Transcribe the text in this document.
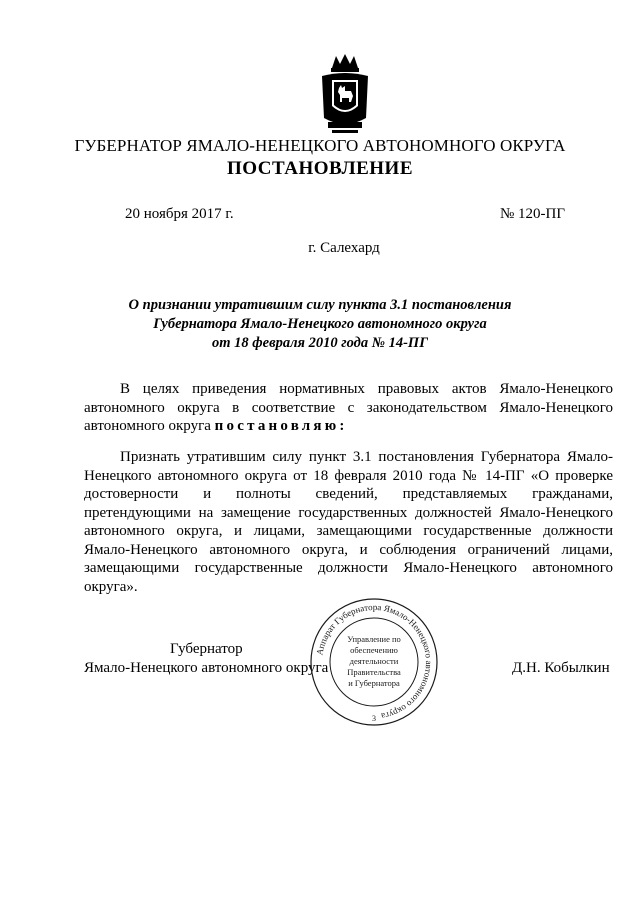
ГУБЕРНАТОР ЯМАЛО-НЕНЕЦКОГО АВТОНОМНОГО ОКРУГА
ПОСТАНОВЛЕНИЕ
20 ноября 2017 г.	№ 120-ПГ
г. Салехард
О признании утратившим силу пункта 3.1 постановления
Губернатора Ямало-Ненецкого автономного округа
от 18 февраля 2010 года № 14-ПГ

В целях приведения нормативных правовых актов Ямало-Ненецкого автономного округа в соответствие с законодательством Ямало-Ненецкого автономного округа постановляю:

Признать утратившим силу пункт 3.1 постановления Губернатора Ямало-Ненецкого автономного округа от 18 февраля 2010 года № 14-ПГ «О проверке достоверности и полноты сведений, представляемых гражданами, претендующими на замещение государственных должностей Ямало-Ненецкого автономного округа, и лицами, замещающими государственные должности Ямало-Ненецкого автономного округа, и соблюдения ограничений лицами, замещающими государственные должности Ямало-Ненецкого автономного округа».

Губернатор
Ямало-Ненецкого автономного округа	Д.Н. Кобылкин
Аппарат Губернатора Ямало-Ненецкого автономного округа
Управление по
обеспечению
деятельности
Правительства
и Губернатора
3
